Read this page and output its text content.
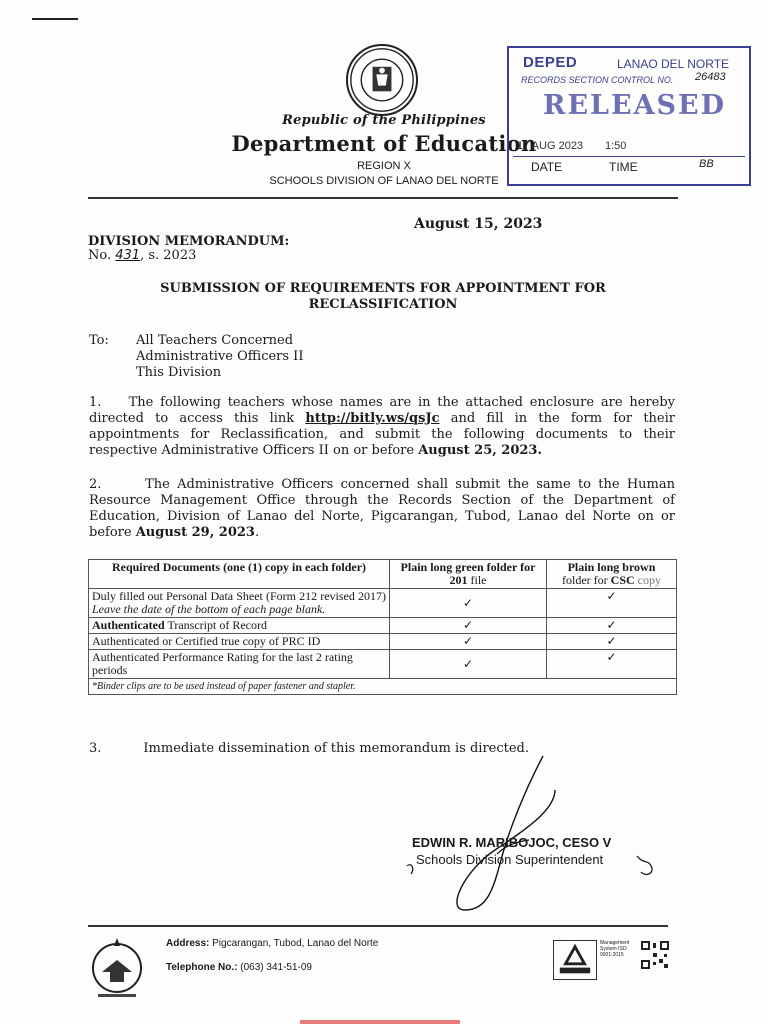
Republic of the Philippines
Department of Education
REGION X
SCHOOLS DIVISION OF LANAO DEL NORTE
DEPED	LANAO DEL NORTE
RECORDS SECTION CONTROL NO. 26483
RELEASED
17 AUG 2023 1:50
DATE	TIME	BB
August 15, 2023
DIVISION MEMORANDUM:
No. 431, s. 2023
SUBMISSION OF REQUIREMENTS FOR APPOINTMENT FOR
RECLASSIFICATION
To: All Teachers Concerned
Administrative Officers II
This Division
1. The following teachers whose names are in the attached enclosure are hereby directed to access this link http://bitly.ws/qsJc and fill in the form for their appointments for Reclassification, and submit the following documents to their respective Administrative Officers II on or before August 25, 2023.
2.	The Administrative Officers concerned shall submit the same to the Human Resource Management Office through the Records Section of the Department of Education, Division of Lanao del Norte, Pigcarangan, Tubod, Lanao del Norte on or before August 29, 2023.
Required Documents (one (1) copy in each folder)	Plain long green folder for 201 file	Plain long brown
folder for CSC copy
Duly filled out Personal Data Sheet (Form 212 revised 2017) Leave the date of the bottom of each page blank.	✓	✓
Authenticated Transcript of Record	✓	✓
Authenticated or Certified true copy of PRC ID	✓	✓
Authenticated Performance Rating for the last 2 rating periods	✓	✓
*Binder clips are to be used instead of paper fastener and stapler.		
3.	Immediate dissemination of this memorandum is directed.
EDWIN R. MARIBOJOC, CESO V
Schools Division Superintendent
Address: Pigcarangan, Tubod, Lanao del Norte
Telephone No.: (063) 341-51-09
Management System ISO 9001:2015
